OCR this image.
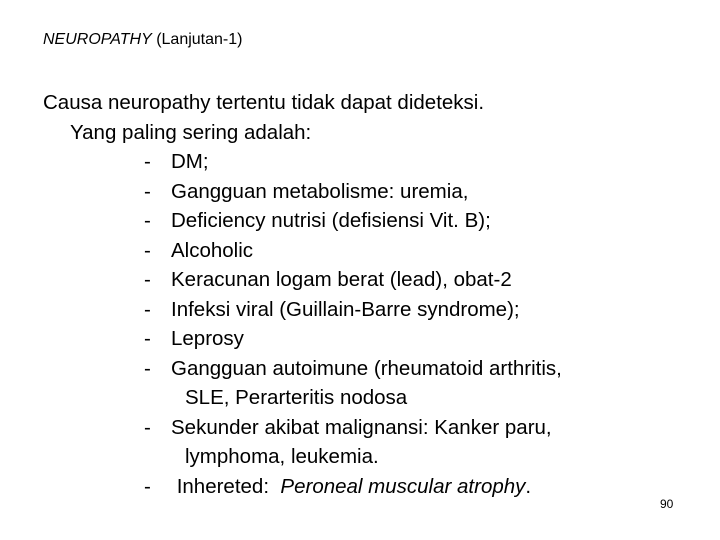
NEUROPATHY (Lanjutan-1)
Causa neuropathy tertentu tidak dapat dideteksi.
Yang paling sering adalah:
- DM;
- Gangguan metabolisme: uremia,
- Deficiency nutrisi (defisiensi Vit. B);
- Alcoholic
- Keracunan logam berat (lead), obat-2
- Infeksi viral (Guillain-Barre syndrome);
- Leprosy
- Gangguan autoimune (rheumatoid arthritis,
SLE, Perarteritis nodosa
- Sekunder akibat malignansi: Kanker paru,
lymphoma, leukemia.
- Inhereted:  Peroneal muscular atrophy.
90
